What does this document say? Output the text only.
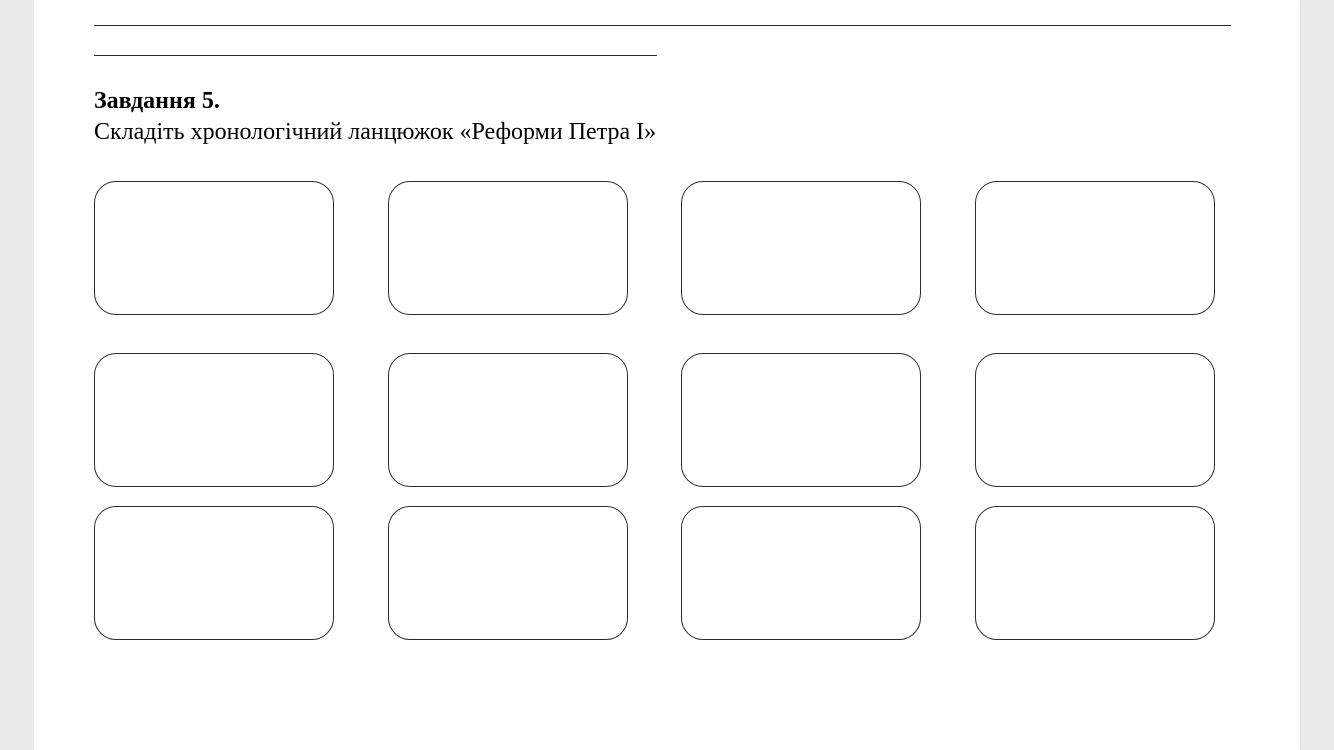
Завдання 5.
Складіть хронологічний ланцюжок «Реформи Петра І»
